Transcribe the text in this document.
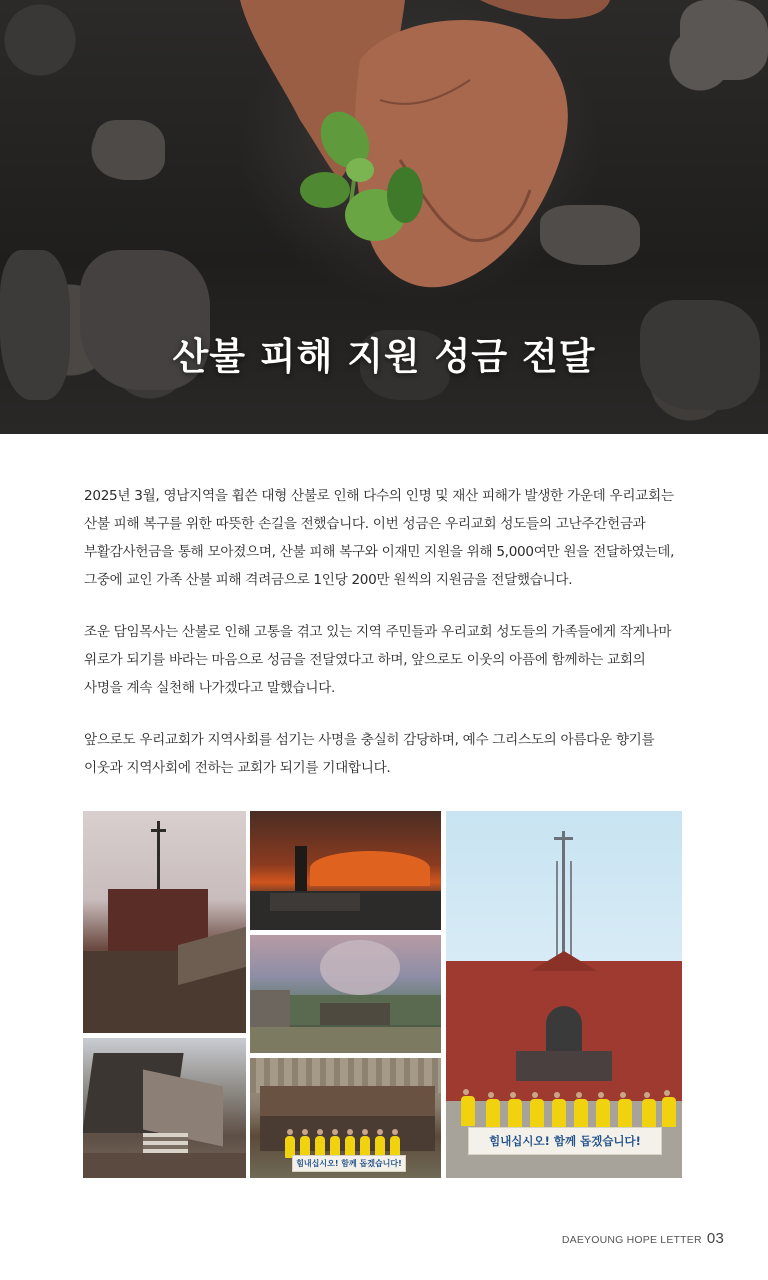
산불 피해 지원 성금 전달

2025년 3월, 영남지역을 휩쓴 대형 산불로 인해 다수의 인명 및 재산 피해가 발생한 가운데 우리교회는 산불 피해 복구를 위한 따뜻한 손길을 전했습니다. 이번 성금은 우리교회 성도들의 고난주간헌금과 부활감사헌금을 통해 모아졌으며, 산불 피해 복구와 이재민 지원을 위해 5,000여만 원을 전달하였는데, 그중에 교인 가족 산불 피해 격려금으로 1인당 200만 원씩의 지원금을 전달했습니다.

조운 담임목사는 산불로 인해 고통을 겪고 있는 지역 주민들과 우리교회 성도들의 가족들에게 작게나마 위로가 되기를 바라는 마음으로 성금을 전달였다고 하며, 앞으로도 이웃의 아픔에 함께하는 교회의 사명을 계속 실천해 나가겠다고 말했습니다.

앞으로도 우리교회가 지역사회를 섬기는 사명을 충실히 감당하며, 예수 그리스도의 아름다운 향기를 이웃과 지역사회에 전하는 교회가 되기를 기대합니다.

힘내십시오! 함께 돕겠습니다!
힘내십시오! 함께 돕겠습니다!
DAEYOUNG HOPE LETTER 03
